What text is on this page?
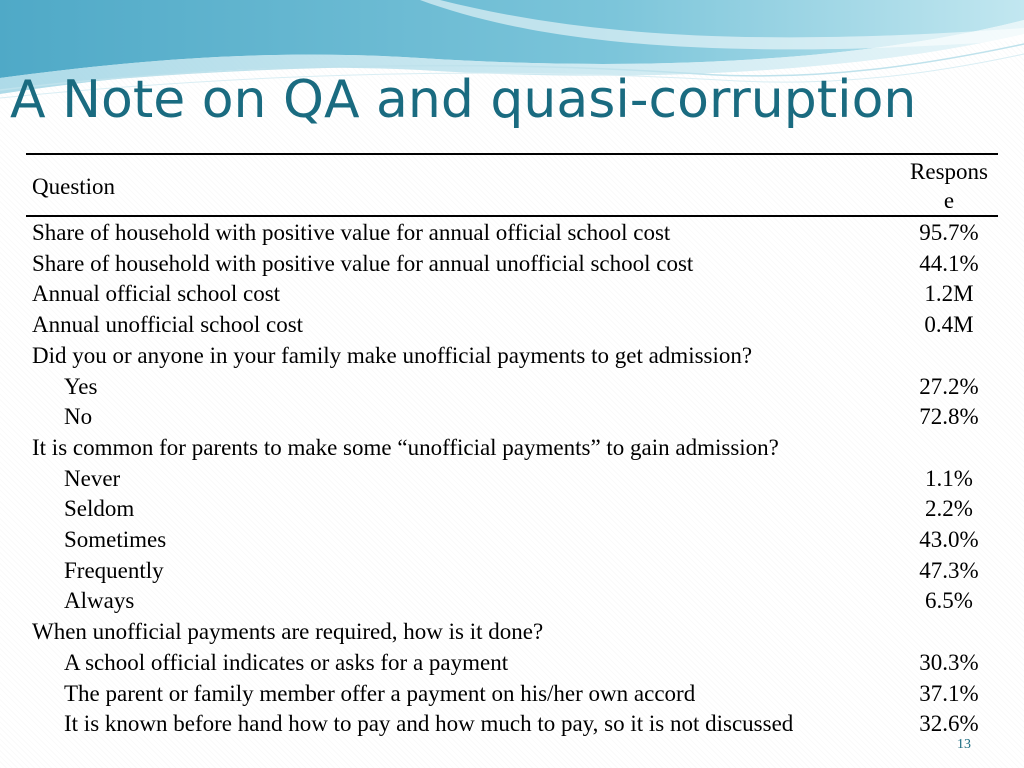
A Note on QA and quasi-corruption
Question	Respons
e
Share of household with positive value for annual official school cost	95.7%
Share of household with positive value for annual unofficial school cost	44.1%
Annual official school cost	1.2M
Annual unofficial school cost	0.4M
Did you or anyone in your family make unofficial payments to get admission?	
Yes	27.2%
No	72.8%
It is common for parents to make some “unofficial payments” to gain admission?	
Never	1.1%
Seldom	2.2%
Sometimes	43.0%
Frequently	47.3%
Always	6.5%
When unofficial payments are required, how is it done?	
A school official indicates or asks for a payment	30.3%
The parent or family member offer a payment on his/her own accord	37.1%
It is known before hand how to pay and how much to pay, so it is not discussed	32.6%
13
